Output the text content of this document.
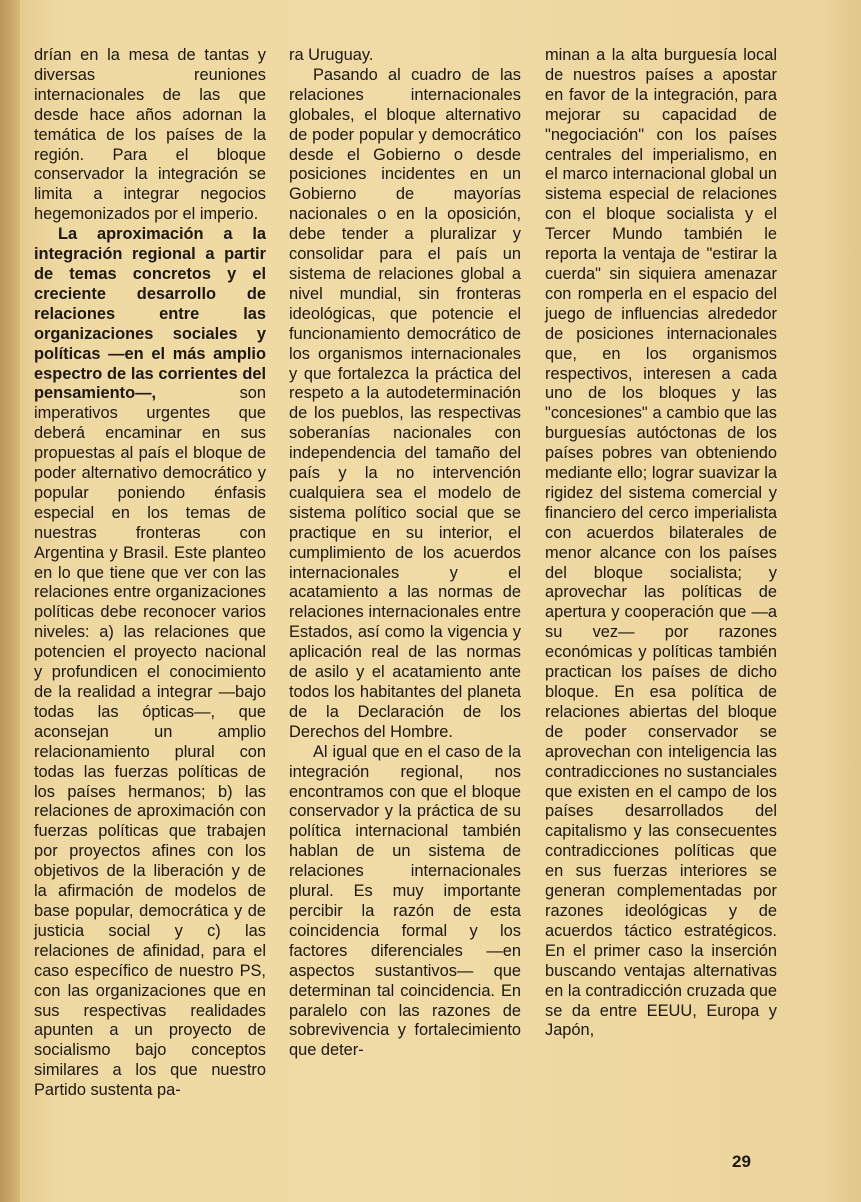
drían en la mesa de tantas y diversas reuniones internacionales de las que desde hace años adornan la temática de los países de la región. Para el bloque conservador la integración se limita a integrar negocios hegemonizados por el imperio.

La aproximación a la integración regional a partir de temas concretos y el creciente desarrollo de relaciones entre las organizaciones sociales y políticas —en el más amplio espectro de las corrientes del pensamiento—, son imperativos urgentes que deberá encaminar en sus propuestas al país el bloque de poder alternativo democrático y popular poniendo énfasis especial en los temas de nuestras fronteras con Argentina y Brasil. Este planteo en lo que tiene que ver con las relaciones entre organizaciones políticas debe reconocer varios niveles: a) las relaciones que potencien el proyecto nacional y profundicen el conocimiento de la realidad a integrar —bajo todas las ópticas—, que aconsejan un amplio relacionamiento plural con todas las fuerzas políticas de los países hermanos; b) las relaciones de aproximación con fuerzas políticas que trabajen por proyectos afines con los objetivos de la liberación y de la afirmación de modelos de base popular, democrática y de justicia social y c) las relaciones de afinidad, para el caso específico de nuestro PS, con las organizaciones que en sus respectivas realidades apunten a un proyecto de socialismo bajo conceptos similares a los que nuestro Partido sustenta pa-

ra Uruguay.

Pasando al cuadro de las relaciones internacionales globales, el bloque alternativo de poder popular y democrático desde el Gobierno o desde posiciones incidentes en un Gobierno de mayorías nacionales o en la oposición, debe tender a pluralizar y consolidar para el país un sistema de relaciones global a nivel mundial, sin fronteras ideológicas, que potencie el funcionamiento democrático de los organismos internacionales y que fortalezca la práctica del respeto a la autodeterminación de los pueblos, las respectivas soberanías nacionales con independencia del tamaño del país y la no intervención cualquiera sea el modelo de sistema político social que se practique en su interior, el cumplimiento de los acuerdos internacionales y el acatamiento a las normas de relaciones internacionales entre Estados, así como la vigencia y aplicación real de las normas de asilo y el acatamiento ante todos los habitantes del planeta de la Declaración de los Derechos del Hombre.

Al igual que en el caso de la integración regional, nos encontramos con que el bloque conservador y la práctica de su política internacional también hablan de un sistema de relaciones internacionales plural. Es muy importante percibir la razón de esta coincidencia formal y los factores diferenciales —en aspectos sustantivos— que determinan tal coincidencia. En paralelo con las razones de sobrevivencia y fortalecimiento que deter-

minan a la alta burguesía local de nuestros países a apostar en favor de la integración, para mejorar su capacidad de "negociación" con los países centrales del imperialismo, en el marco internacional global un sistema especial de relaciones con el bloque socialista y el Tercer Mundo también le reporta la ventaja de "estirar la cuerda" sin siquiera amenazar con romperla en el espacio del juego de influencias alrededor de posiciones internacionales que, en los organismos respectivos, interesen a cada uno de los bloques y las "concesiones" a cambio que las burguesías autóctonas de los países pobres van obteniendo mediante ello; lograr suavizar la rigidez del sistema comercial y financiero del cerco imperialista con acuerdos bilaterales de menor alcance con los países del bloque socialista; y aprovechar las políticas de apertura y cooperación que —a su vez— por razones económicas y políticas también practican los países de dicho bloque. En esa política de relaciones abiertas del bloque de poder conservador se aprovechan con inteligencia las contradicciones no sustanciales que existen en el campo de los países desarrollados del capitalismo y las consecuentes contradicciones políticas que en sus fuerzas interiores se generan complementadas por razones ideológicas y de acuerdos táctico estratégicos. En el primer caso la inserción buscando ventajas alternativas en la contradicción cruzada que se da entre EEUU, Europa y Japón,

29
